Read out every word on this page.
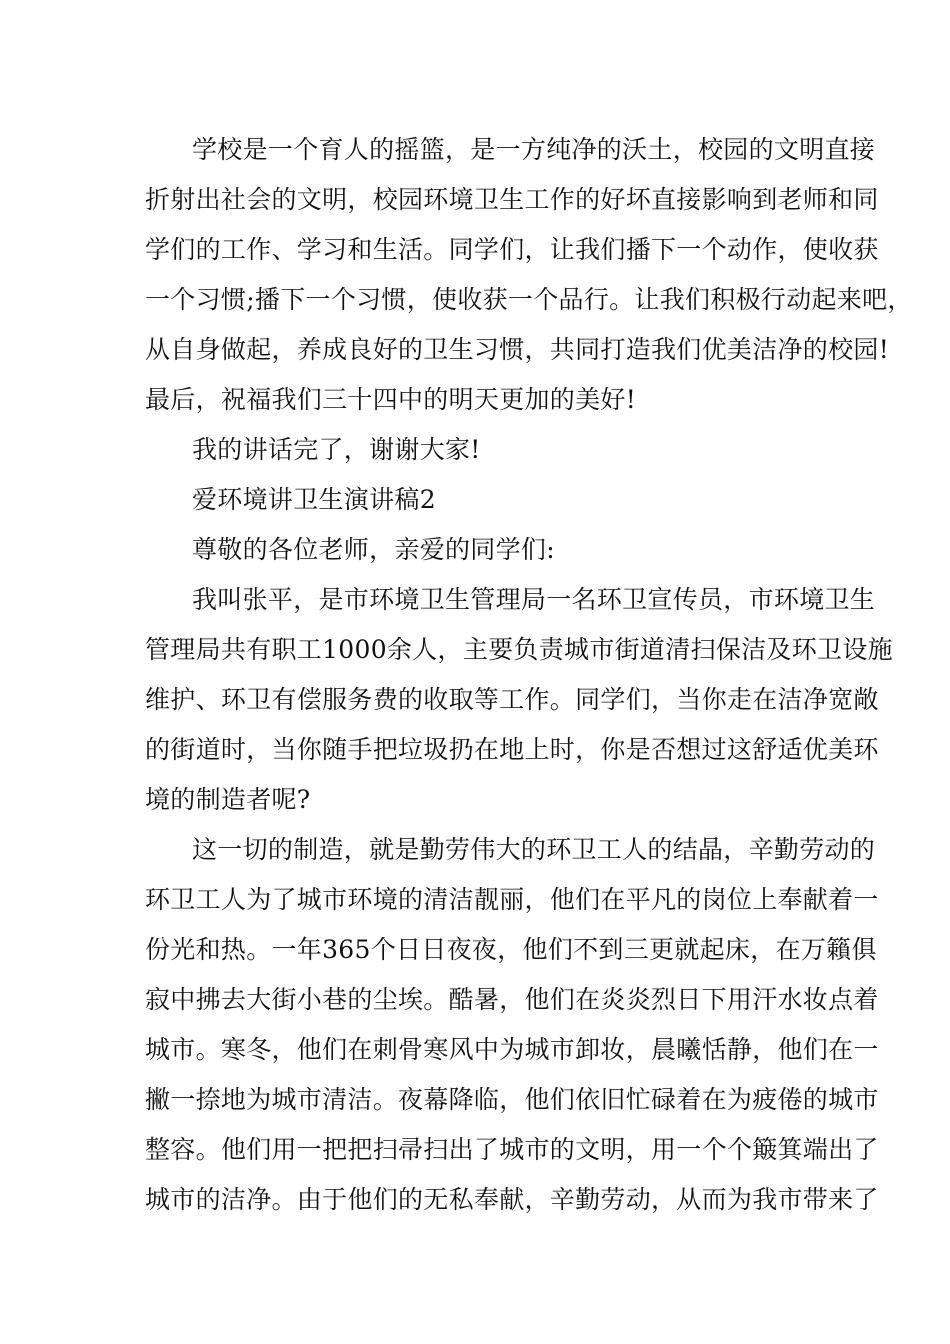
学校是一个育人的摇篮，是一方纯净的沃土，校园的文明直接
折射出社会的文明，校园环境卫生工作的好坏直接影响到老师和同
学们的工作、学习和生活。同学们，让我们播下一个动作，使收获
一个习惯;播下一个习惯，使收获一个品行。让我们积极行动起来吧，
从自身做起，养成良好的卫生习惯，共同打造我们优美洁净的校园!
最后，祝福我们三十四中的明天更加的美好!
我的讲话完了，谢谢大家!
爱环境讲卫生演讲稿2
尊敬的各位老师，亲爱的同学们:
我叫张平，是市环境卫生管理局一名环卫宣传员，市环境卫生
管理局共有职工1000余人，主要负责城市街道清扫保洁及环卫设施
维护、环卫有偿服务费的收取等工作。同学们，当你走在洁净宽敞
的街道时，当你随手把垃圾扔在地上时，你是否想过这舒适优美环
境的制造者呢?
这一切的制造，就是勤劳伟大的环卫工人的结晶，辛勤劳动的
环卫工人为了城市环境的清洁靓丽，他们在平凡的岗位上奉献着一
份光和热。一年365个日日夜夜，他们不到三更就起床，在万籟俱
寂中拂去大街小巷的尘埃。酷暑，他们在炎炎烈日下用汗水妆点着
城市。寒冬，他们在刺骨寒风中为城市卸妆，晨曦恬静，他们在一
撇一捺地为城市清洁。夜幕降临，他们依旧忙碌着在为疲倦的城市
整容。他们用一把把扫帚扫出了城市的文明，用一个个簸箕端出了
城市的洁净。由于他们的无私奉献，辛勤劳动，从而为我市带来了
